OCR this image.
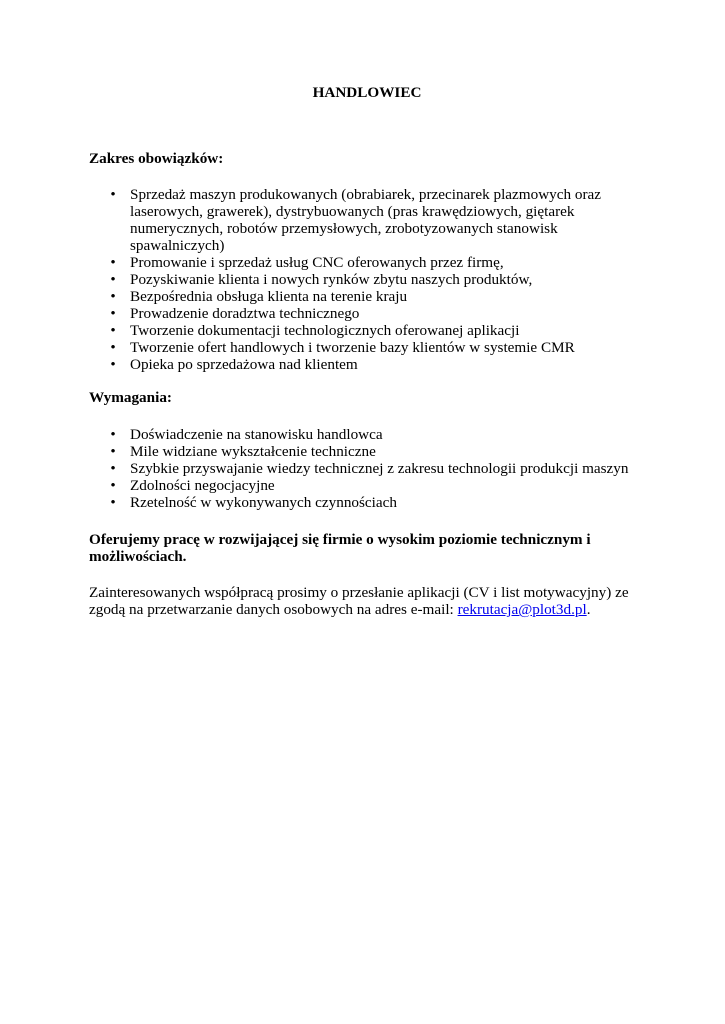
HANDLOWIEC

Zakres obowiązków:

• Sprzedaż maszyn produkowanych (obrabiarek, przecinarek plazmowych oraz laserowych, grawerek), dystrybuowanych (pras krawędziowych, giętarek numerycznych, robotów przemysłowych, zrobotyzowanych stanowisk spawalniczych)
• Promowanie i sprzedaż usług CNC oferowanych przez firmę,
• Pozyskiwanie klienta i nowych rynków zbytu naszych produktów,
• Bezpośrednia obsługa klienta na terenie kraju
• Prowadzenie doradztwa technicznego
• Tworzenie dokumentacji technologicznych oferowanej aplikacji
• Tworzenie ofert handlowych i tworzenie bazy klientów w systemie CMR
• Opieka po sprzedażowa nad klientem

Wymagania:

• Doświadczenie na stanowisku handlowca
• Mile widziane wykształcenie techniczne
• Szybkie przyswajanie wiedzy technicznej z zakresu technologii produkcji maszyn
• Zdolności negocjacyjne
• Rzetelność w wykonywanych czynnościach

Oferujemy pracę w rozwijającej się firmie o wysokim poziomie technicznym i możliwościach.

Zainteresowanych współpracą prosimy o przesłanie aplikacji (CV i list motywacyjny) ze zgodą na przetwarzanie danych osobowych na adres e-mail: rekrutacja@plot3d.pl.
